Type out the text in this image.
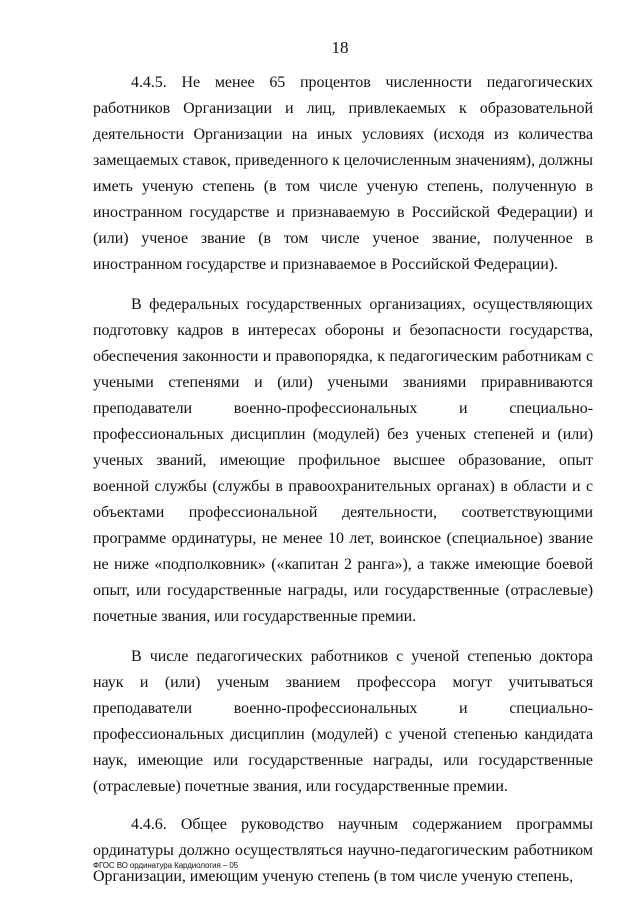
18

4.4.5. Не менее 65 процентов численности педагогических работников Организации и лиц, привлекаемых к образовательной деятельности Организации на иных условиях (исходя из количества замещаемых ставок, приведенного к целочисленным значениям), должны иметь ученую степень (в том числе ученую степень, полученную в иностранном государстве и признаваемую в Российской Федерации) и (или) ученое звание (в том числе ученое звание, полученное в иностранном государстве и признаваемое в Российской Федерации).

В федеральных государственных организациях, осуществляющих подготовку кадров в интересах обороны и безопасности государства, обеспечения законности и правопорядка, к педагогическим работникам с учеными степенями и (или) учеными званиями приравниваются преподаватели военно-профессиональных и специально-профессиональных дисциплин (модулей) без ученых степеней и (или) ученых званий, имеющие профильное высшее образование, опыт военной службы (службы в правоохранительных органах) в области и с объектами профессиональной деятельности, соответствующими программе ординатуры, не менее 10 лет, воинское (специальное) звание не ниже «подполковник» («капитан 2 ранга»), а также имеющие боевой опыт, или государственные награды, или государственные (отраслевые) почетные звания, или государственные премии.

В числе педагогических работников с ученой степенью доктора наук и (или) ученым званием профессора могут учитываться преподаватели военно-профессиональных и специально-профессиональных дисциплин (модулей) с ученой степенью кандидата наук, имеющие или государственные награды, или государственные (отраслевые) почетные звания, или государственные премии.

4.4.6. Общее руководство научным содержанием программы ординатуры должно осуществляться научно-педагогическим работником Организации, имеющим ученую степень (в том числе ученую степень,

ФГОС ВО ординатура Кардиология – 05
